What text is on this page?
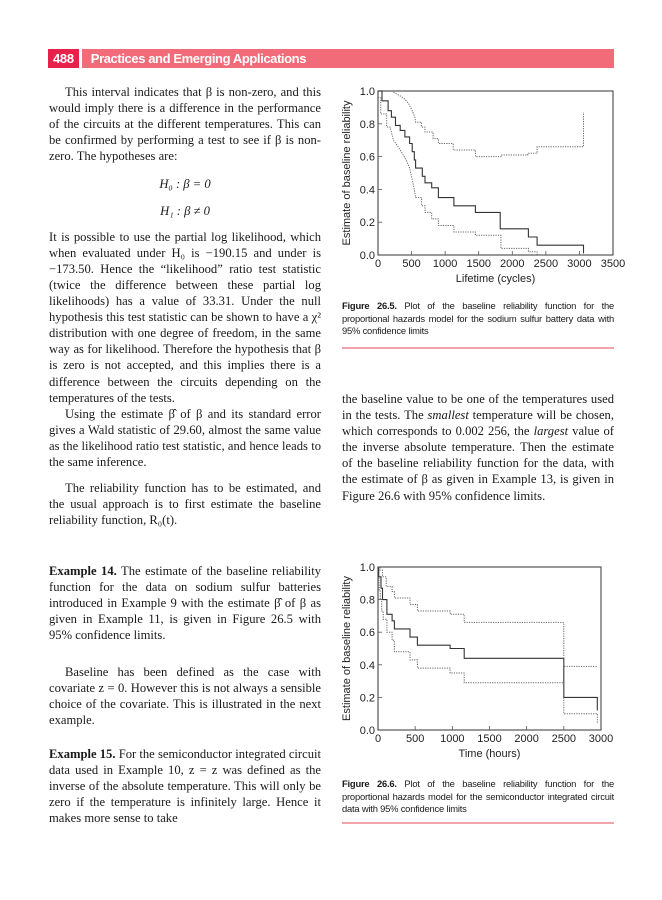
488	Practices and Emerging Applications

This interval indicates that β is non-zero, and this would imply there is a difference in the performance of the circuits at the different temperatures. This can be confirmed by performing a test to see if β is non-zero. The hypotheses are:

H₀ : β = 0
H₁ : β ≠ 0

It is possible to use the partial log likelihood, which when evaluated under H₀ is −190.15 and under is −173.50. Hence the “likelihood” ratio test statistic (twice the difference between these partial log likelihoods) has a value of 33.31. Under the null hypothesis this test statistic can be shown to have a χ² distribution with one degree of freedom, in the same way as for likelihood. Therefore the hypothesis that β is zero is not accepted, and this implies there is a difference between the circuits depending on the temperatures of the tests.

Using the estimate β̂ of β and its standard error gives a Wald statistic of 29.60, almost the same value as the likelihood ratio test statistic, and hence leads to the same inference.

The reliability function has to be estimated, and the usual approach is to first estimate the baseline reliability function, R₀(t).

Example 14. The estimate of the baseline reliability function for the data on sodium sulfur batteries introduced in Example 9 with the estimate β̂ of β as given in Example 11, is given in Figure 26.5 with 95% confidence limits.

Baseline has been defined as the case with covariate z = 0. However this is not always a sensible choice of the covariate. This is illustrated in the next example.

Example 15. For the semiconductor integrated circuit data used in Example 10, z = z was defined as the inverse of the absolute temperature. This will only be zero if the temperature is infinitely large. Hence it makes more sense to take

0.0
0.2
0.4
0.6
0.8
1.0
0 500 1000 1500 2000 2500 3000 3500
Lifetime (cycles)
Estimate of baseline reliability
Figure 26.5. Plot of the baseline reliability function for the proportional hazards model for the sodium sulfur battery data with 95% confidence limits

the baseline value to be one of the temperatures used in the tests. The smallest temperature will be chosen, which corresponds to 0.002 256, the largest value of the inverse absolute temperature. Then the estimate of the baseline reliability function for the data, with the estimate of β as given in Example 13, is given in Figure 26.6 with 95% confidence limits.

0.0
0.2
0.4
0.6
0.8
1.0
0 500 1000 1500 2000 2500 3000
Time (hours)
Estimate of baseline reliability
Figure 26.6. Plot of the baseline reliability function for the proportional hazards model for the semiconductor integrated circuit data with 95% confidence limits
